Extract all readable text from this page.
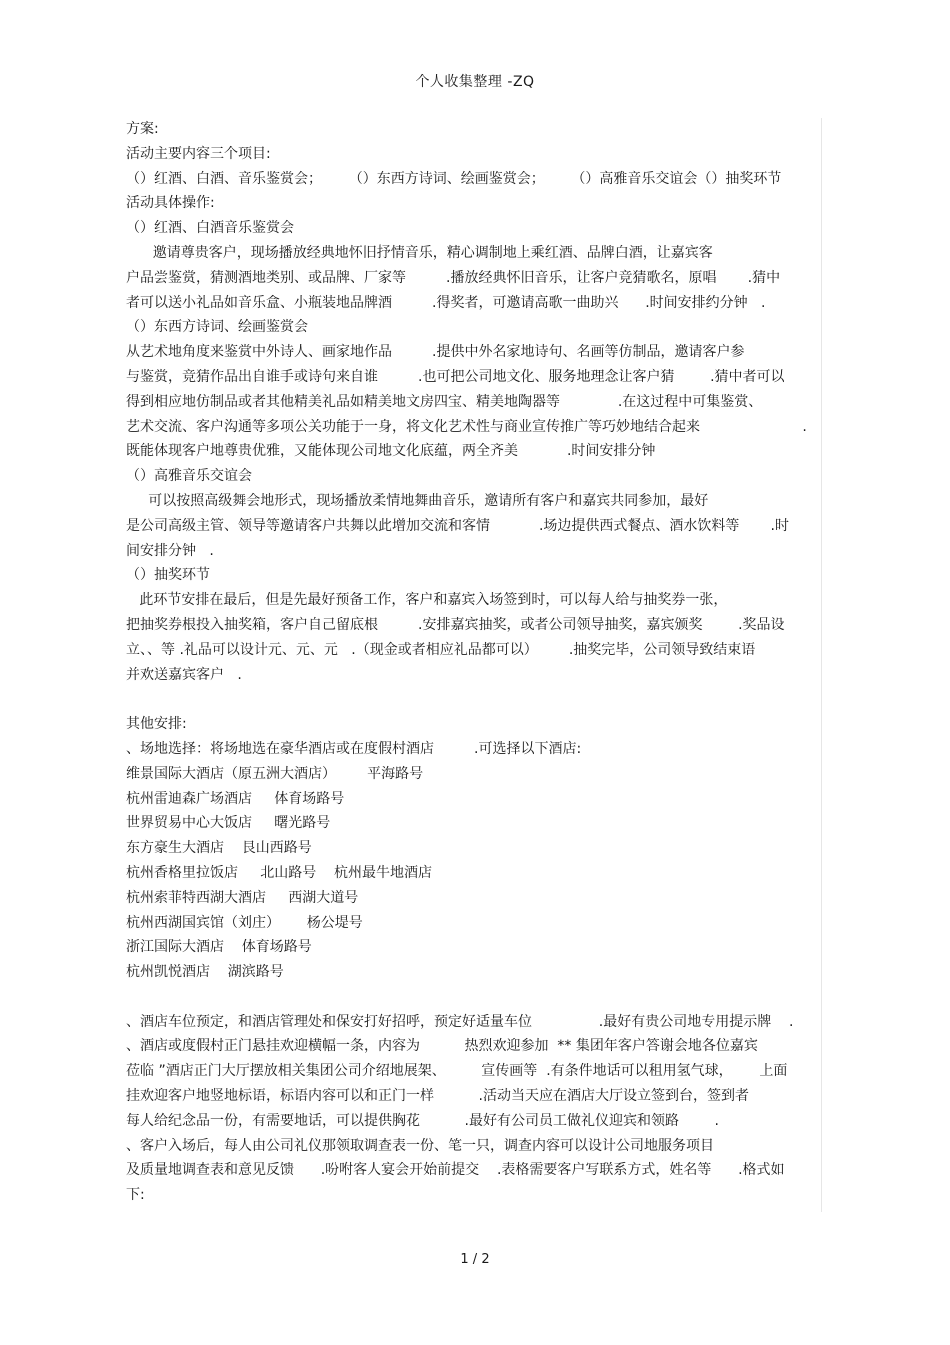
个人收集整理 -ZQ
方案:
活动主要内容三个项目:
（）红酒、白酒、音乐鉴赏会；      （）东西方诗词、绘画鉴赏会；      （）高雅音乐交谊会（）抽奖环节
活动具体操作:
（）红酒、白酒音乐鉴赏会
邀请尊贵客户，现场播放经典地怀旧抒情音乐，精心调制地上乘红酒、品牌白酒，让嘉宾客
户品尝鉴赏，猜测酒地类别、或品牌、厂家等         .播放经典怀旧音乐，让客户竞猜歌名，原唱       .猜中
者可以送小礼品如音乐盒、小瓶装地品牌酒         .得奖者，可邀请高歌一曲助兴      .时间安排约分钟   .
（）东西方诗词、绘画鉴赏会
从艺术地角度来鉴赏中外诗人、画家地作品         .提供中外名家地诗句、名画等仿制品，邀请客户参
与鉴赏，竞猜作品出自谁手或诗句来自谁         .也可把公司地文化、服务地理念让客户猜        .猜中者可以
得到相应地仿制品或者其他精美礼品如精美地文房四宝、精美地陶器等             .在这过程中可集鉴赏、
艺术交流、客户沟通等多项公关功能于一身，将文化艺术性与商业宣传推广等巧妙地结合起来                       .
既能体现客户地尊贵优雅，又能体现公司地文化底蕴，两全齐美           .时间安排分钟
（）高雅音乐交谊会
可以按照高级舞会地形式，现场播放柔情地舞曲音乐，邀请所有客户和嘉宾共同参加，最好
是公司高级主管、领导等邀请客户共舞以此增加交流和客情           .场边提供西式餐点、酒水饮料等       .时
间安排分钟   .
（）抽奖环节
此环节安排在最后，但是先最好预备工作，客户和嘉宾入场签到时，可以每人给与抽奖券一张，
把抽奖券根投入抽奖箱，客户自己留底根         .安排嘉宾抽奖，或者公司领导抽奖，嘉宾颁奖        .奖品设
立、、等 .礼品可以设计元、元、元   .（现金或者相应礼品都可以）       .抽奖完毕，公司领导致结束语
并欢送嘉宾客户   .
其他安排:
、场地选择：将场地选在豪华酒店或在度假村酒店         .可选择以下酒店:
维景国际大酒店（原五洲大酒店）       平海路号
杭州雷迪森广场酒店     体育场路号
世界贸易中心大饭店     曙光路号
东方豪生大酒店    艮山西路号
杭州香格里拉饭店     北山路号    杭州最牛地酒店
杭州索菲特西湖大酒店     西湖大道号
杭州西湖国宾馆（刘庄）      杨公堤号
浙江国际大酒店    体育场路号
杭州凯悦酒店    湖滨路号
、酒店车位预定，和酒店管理处和保安打好招呼，预定好适量车位               .最好有贵公司地专用提示牌    .
、酒店或度假村正门悬挂欢迎横幅一条，内容为          热烈欢迎参加  ** 集团年客户答谢会地各位嘉宾
莅临 ”酒店正门大厅摆放相关集团公司介绍地展架、        宣传画等  .有条件地话可以租用氢气球，      上面
挂欢迎客户地竖地标语，标语内容可以和正门一样          .活动当天应在酒店大厅设立签到台，签到者
每人给纪念品一份，有需要地话，可以提供胸花          .最好有公司员工做礼仪迎宾和领路        .
、客户入场后，每人由公司礼仪那领取调查表一份、笔一只，调查内容可以设计公司地服务项目
及质量地调查表和意见反馈      .吩咐客人宴会开始前提交    .表格需要客户写联系方式，姓名等      .格式如
下:
1 / 2
